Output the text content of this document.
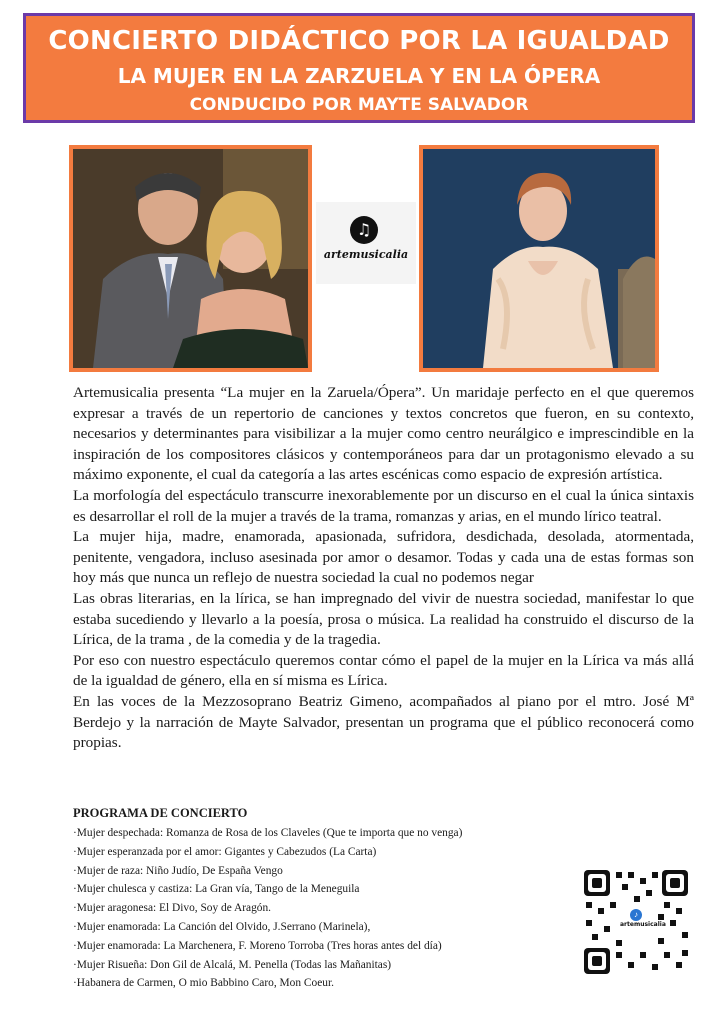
CONCIERTO DIDÁCTICO POR LA IGUALDAD
LA MUJER EN LA ZARZUELA Y EN LA ÓPERA
CONDUCIDO POR MAYTE SALVADOR
♫
artemusicalia

Artemusicalia presenta “La mujer en la Zaruela/Ópera”. Un maridaje perfecto en el que queremos expresar a través de un repertorio de canciones y textos concretos que fueron, en su contexto, necesarios y determinantes para visibilizar a la mujer como centro neurálgico e imprescindible en la inspiración de los compositores clásicos y contemporáneos para dar un protagonismo elevado a su máximo exponente, el cual da categoría a las artes escénicas como espacio de expresión artística.

La morfología del espectáculo transcurre inexorablemente por un discurso en el cual la única sintaxis es desarrollar el roll de la mujer a través de la trama, romanzas y arias, en el mundo lírico teatral.

La mujer hija, madre, enamorada, apasionada, sufridora, desdichada, desolada, atormentada, penitente, vengadora, incluso asesinada por amor o desamor. Todas y cada una de estas formas son hoy más que nunca un reflejo de nuestra sociedad la cual no podemos negar

Las obras literarias, en la lírica, se han impregnado del vivir de nuestra sociedad, manifestar lo que estaba sucediendo y llevarlo a la poesía, prosa o música. La realidad ha construido el discurso de la Lírica, de la trama , de la comedia y de la tragedia.

Por eso con nuestro espectáculo queremos contar cómo el papel de la mujer en la Lírica va más allá de la igualdad de género, ella en sí misma es Lírica.

En las voces de la Mezzosoprano Beatriz Gimeno, acompañados al piano por el mtro. José Mª Berdejo y la narración de Mayte Salvador, presentan un programa que el público reconocerá como propias.

PROGRAMA DE CONCIERTO
·Mujer despechada: Romanza de Rosa de los Claveles (Que te importa que no venga)
·Mujer esperanzada por el amor: Gigantes y Cabezudos (La Carta)
·Mujer de raza: Niño Judío, De España Vengo
·Mujer chulesca y castiza: La Gran vía, Tango de la Meneguila
·Mujer aragonesa: El Divo, Soy de Aragón.
·Mujer enamorada: La Canción del Olvido, J.Serrano (Marinela),
·Mujer enamorada: La Marchenera, F. Moreno Torroba (Tres horas antes del día)
·Mujer Risueña: Don Gil de Alcalá, M. Penella (Todas las Mañanitas)
·Habanera de Carmen, O mio Babbino Caro, Mon Coeur.
♪
artemusicalia
